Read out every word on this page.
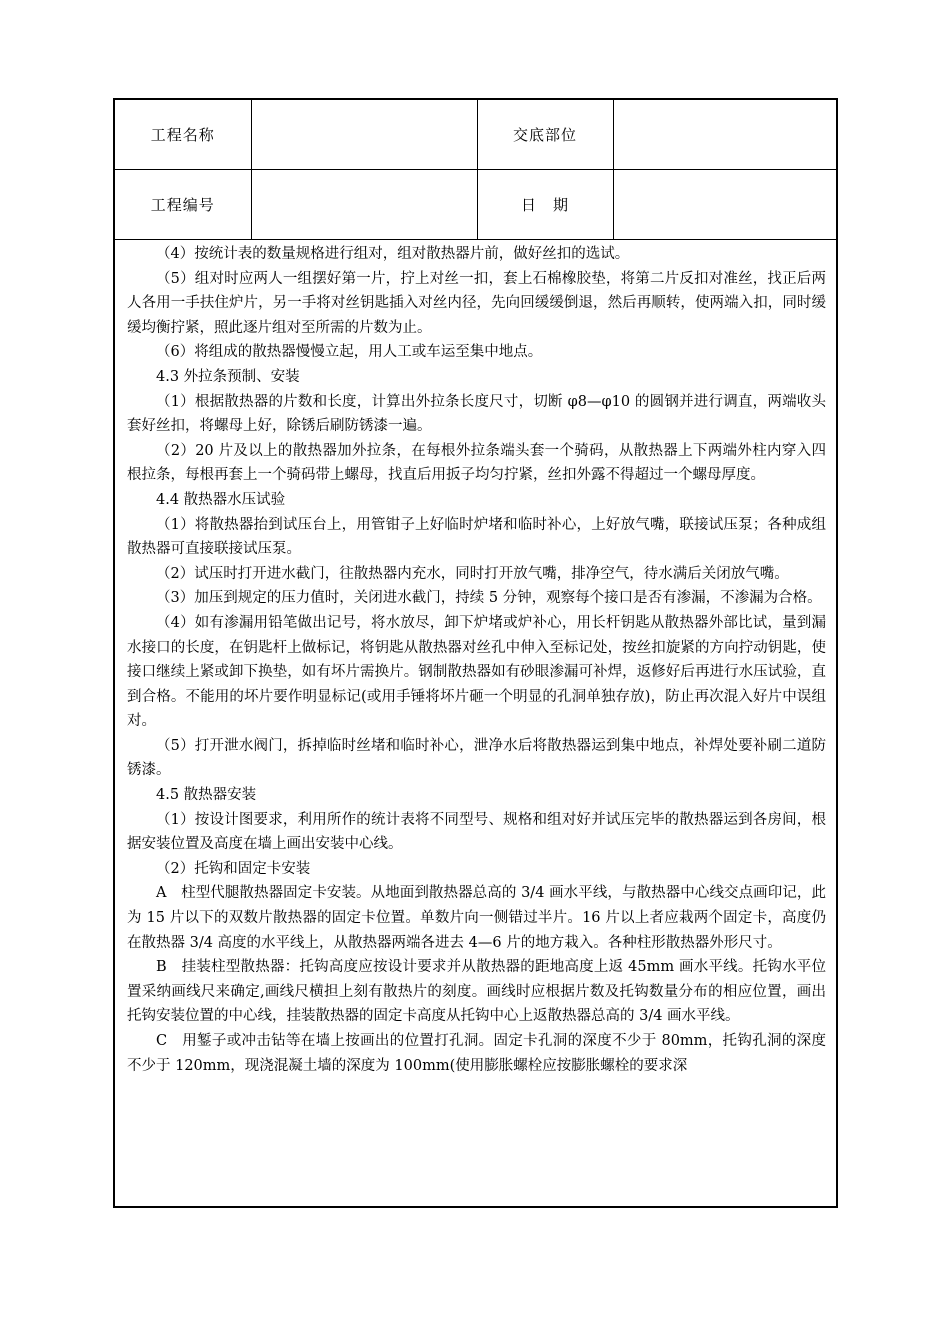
工程名称		交底部位	
工程编号		日　期	

（4）按统计表的数量规格进行组对，组对散热器片前，做好丝扣的选试。

（5）组对时应两人一组摆好第一片，拧上对丝一扣，套上石棉橡胶垫，将第二片反扣对准丝，找正后两人各用一手扶住炉片，另一手将对丝钥匙插入对丝内径，先向回缓缓倒退，然后再顺转，使两端入扣，同时缓缓均衡拧紧，照此逐片组对至所需的片数为止。

（6）将组成的散热器慢慢立起，用人工或车运至集中地点。

4.3 外拉条预制、安装

（1）根据散热器的片数和长度，计算出外拉条长度尺寸，切断 φ8—φ10 的圆钢并进行调直，两端收头套好丝扣，将螺母上好，除锈后刷防锈漆一遍。

（2）20 片及以上的散热器加外拉条，在每根外拉条端头套一个骑码，从散热器上下两端外柱内穿入四根拉条，每根再套上一个骑码带上螺母，找直后用扳子均匀拧紧，丝扣外露不得超过一个螺母厚度。

4.4 散热器水压试验

（1）将散热器抬到试压台上，用管钳子上好临时炉堵和临时补心，上好放气嘴，联接试压泵；各种成组散热器可直接联接试压泵。

（2）试压时打开进水截门，往散热器内充水，同时打开放气嘴，排净空气，待水满后关闭放气嘴。

（3）加压到规定的压力值时，关闭进水截门，持续 5 分钟，观察每个接口是否有渗漏，不渗漏为合格。

（4）如有渗漏用铅笔做出记号，将水放尽，卸下炉堵或炉补心，用长杆钥匙从散热器外部比试，量到漏水接口的长度，在钥匙杆上做标记，将钥匙从散热器对丝孔中伸入至标记处，按丝扣旋紧的方向拧动钥匙，使接口继续上紧或卸下换垫，如有坏片需换片。钢制散热器如有砂眼渗漏可补焊，返修好后再进行水压试验，直到合格。不能用的坏片要作明显标记(或用手锤将坏片砸一个明显的孔洞单独存放)，防止再次混入好片中误组对。

（5）打开泄水阀门，拆掉临时丝堵和临时补心，泄净水后将散热器运到集中地点，补焊处要补刷二道防锈漆。

4.5 散热器安装

（1）按设计图要求，利用所作的统计表将不同型号、规格和组对好并试压完毕的散热器运到各房间，根据安装位置及高度在墙上画出安装中心线。

（2）托钩和固定卡安装

A　柱型代腿散热器固定卡安装。从地面到散热器总高的 3/4 画水平线，与散热器中心线交点画印记，此为 15 片以下的双数片散热器的固定卡位置。单数片向一侧错过半片。16 片以上者应栽两个固定卡，高度仍在散热器 3/4 高度的水平线上，从散热器两端各进去 4—6 片的地方栽入。各种柱形散热器外形尺寸。

B　挂装柱型散热器：托钩高度应按设计要求并从散热器的距地高度上返 45mm 画水平线。托钩水平位置采纳画线尺来确定,画线尺横担上刻有散热片的刻度。画线时应根据片数及托钩数量分布的相应位置，画出托钩安装位置的中心线，挂装散热器的固定卡高度从托钩中心上返散热器总高的 3/4 画水平线。

C　用錾子或冲击钻等在墙上按画出的位置打孔洞。固定卡孔洞的深度不少于 80mm，托钩孔洞的深度不少于 120mm，现浇混凝土墙的深度为 100mm(使用膨胀螺栓应按膨胀螺栓的要求深
